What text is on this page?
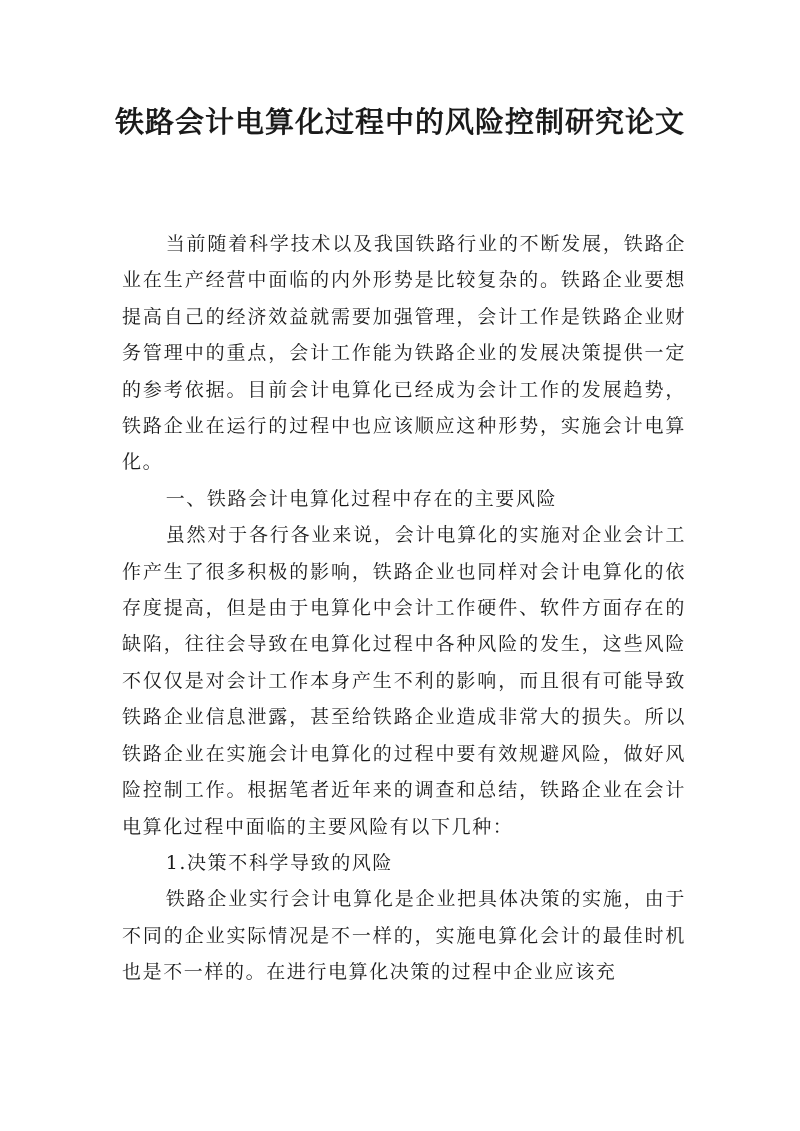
铁路会计电算化过程中的风险控制研究论文

当前随着科学技术以及我国铁路行业的不断发展，铁路企业在生产经营中面临的内外形势是比较复杂的。铁路企业要想提高自己的经济效益就需要加强管理，会计工作是铁路企业财务管理中的重点，会计工作能为铁路企业的发展决策提供一定的参考依据。目前会计电算化已经成为会计工作的发展趋势，铁路企业在运行的过程中也应该顺应这种形势，实施会计电算化。

一、铁路会计电算化过程中存在的主要风险

虽然对于各行各业来说，会计电算化的实施对企业会计工作产生了很多积极的影响，铁路企业也同样对会计电算化的依存度提高，但是由于电算化中会计工作硬件、软件方面存在的缺陷，往往会导致在电算化过程中各种风险的发生，这些风险不仅仅是对会计工作本身产生不利的影响，而且很有可能导致铁路企业信息泄露，甚至给铁路企业造成非常大的损失。所以铁路企业在实施会计电算化的过程中要有效规避风险，做好风险控制工作。根据笔者近年来的调查和总结，铁路企业在会计电算化过程中面临的主要风险有以下几种：

1.决策不科学导致的风险

铁路企业实行会计电算化是企业把具体决策的实施，由于不同的企业实际情况是不一样的，实施电算化会计的最佳时机也是不一样的。在进行电算化决策的过程中企业应该充
